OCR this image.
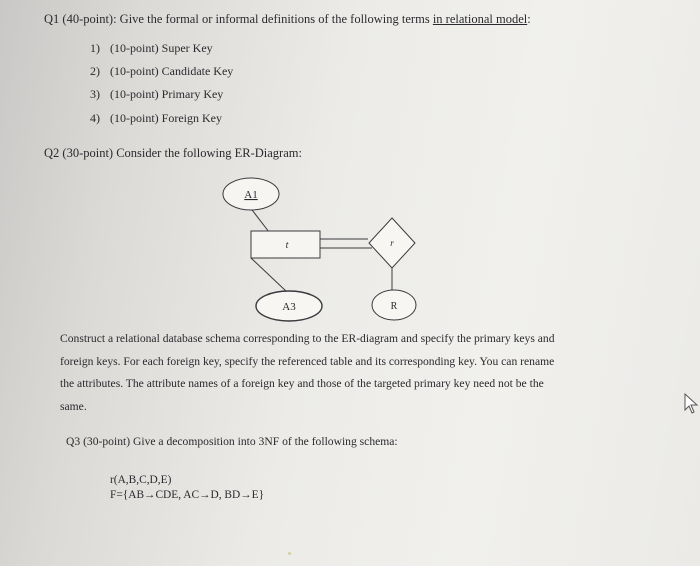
Q1 (40-point): Give the formal or informal definitions of the following terms in relational model:
1) (10-point) Super Key
2) (10-point) Candidate Key
3) (10-point) Primary Key
4) (10-point) Foreign Key
Q2 (30-point) Consider the following ER-Diagram:
A1
t	r
A3	R
Construct a relational database schema corresponding to the ER-diagram and specify the primary keys and
foreign keys. For each foreign key, specify the referenced table and its corresponding key. You can rename
the attributes. The attribute names of a foreign key and those of the targeted primary key need not be the
same.
Q3 (30-point) Give a decomposition into 3NF of the following schema:
r(A,B,C,D,E)
F={AB→CDE, AC→D, BD→E}
